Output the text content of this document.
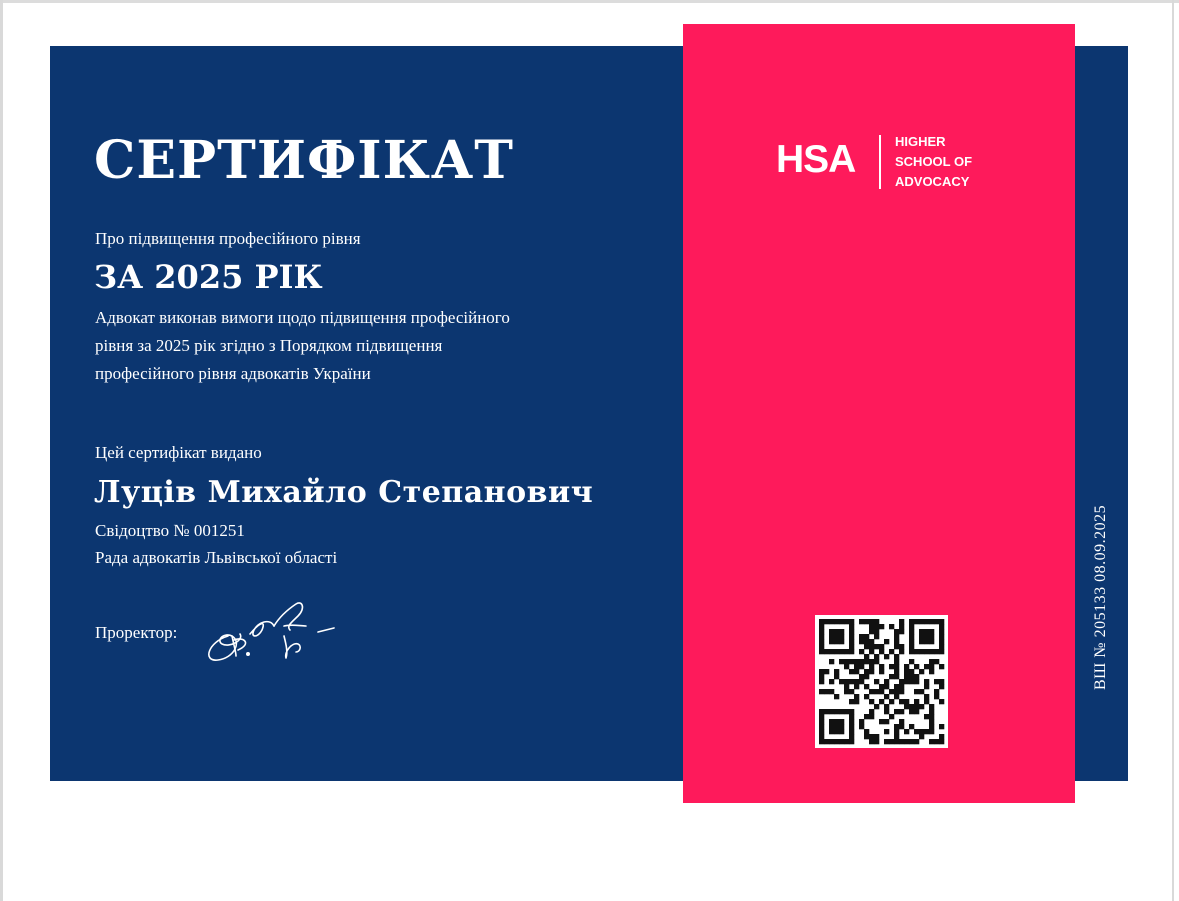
СЕРТИФІКАТ
Про підвищення професійного рівня
ЗА 2025 РІК
Адвокат виконав вимоги щодо підвищення професійного
рівня за 2025 рік згідно з Порядком підвищення
професійного рівня адвокатів України
Цей сертифікат видано
Луців Михайло Степанович
Свідоцтво № 001251
Рада адвокатів Львівської області
Проректор:
HSA	HIGHER
SCHOOL OF
ADVOCACY
ВШ № 205133 08.09.2025
